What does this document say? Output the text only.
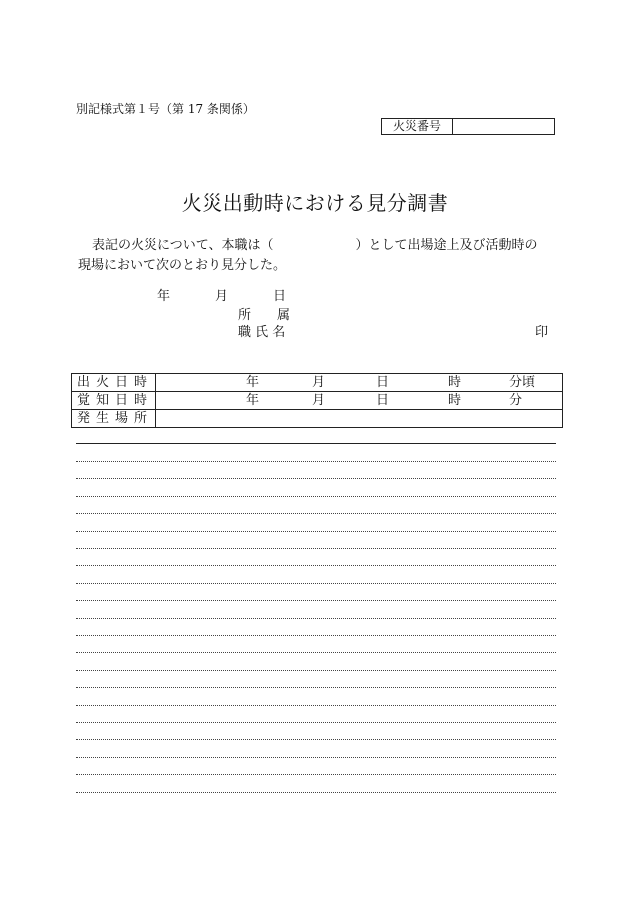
別記様式第１号（第 17 条関係）
火災番号
火災出動時における見分調書
表記の火災について、本職は（	）として出場途上及び活動時の
現場において次のとおり見分した。
年	月	日
所　　属
職 氏 名	印
出火日時	年 月 日 時 分頃

覚知日時	年 月 日 時 分

発生場所	
